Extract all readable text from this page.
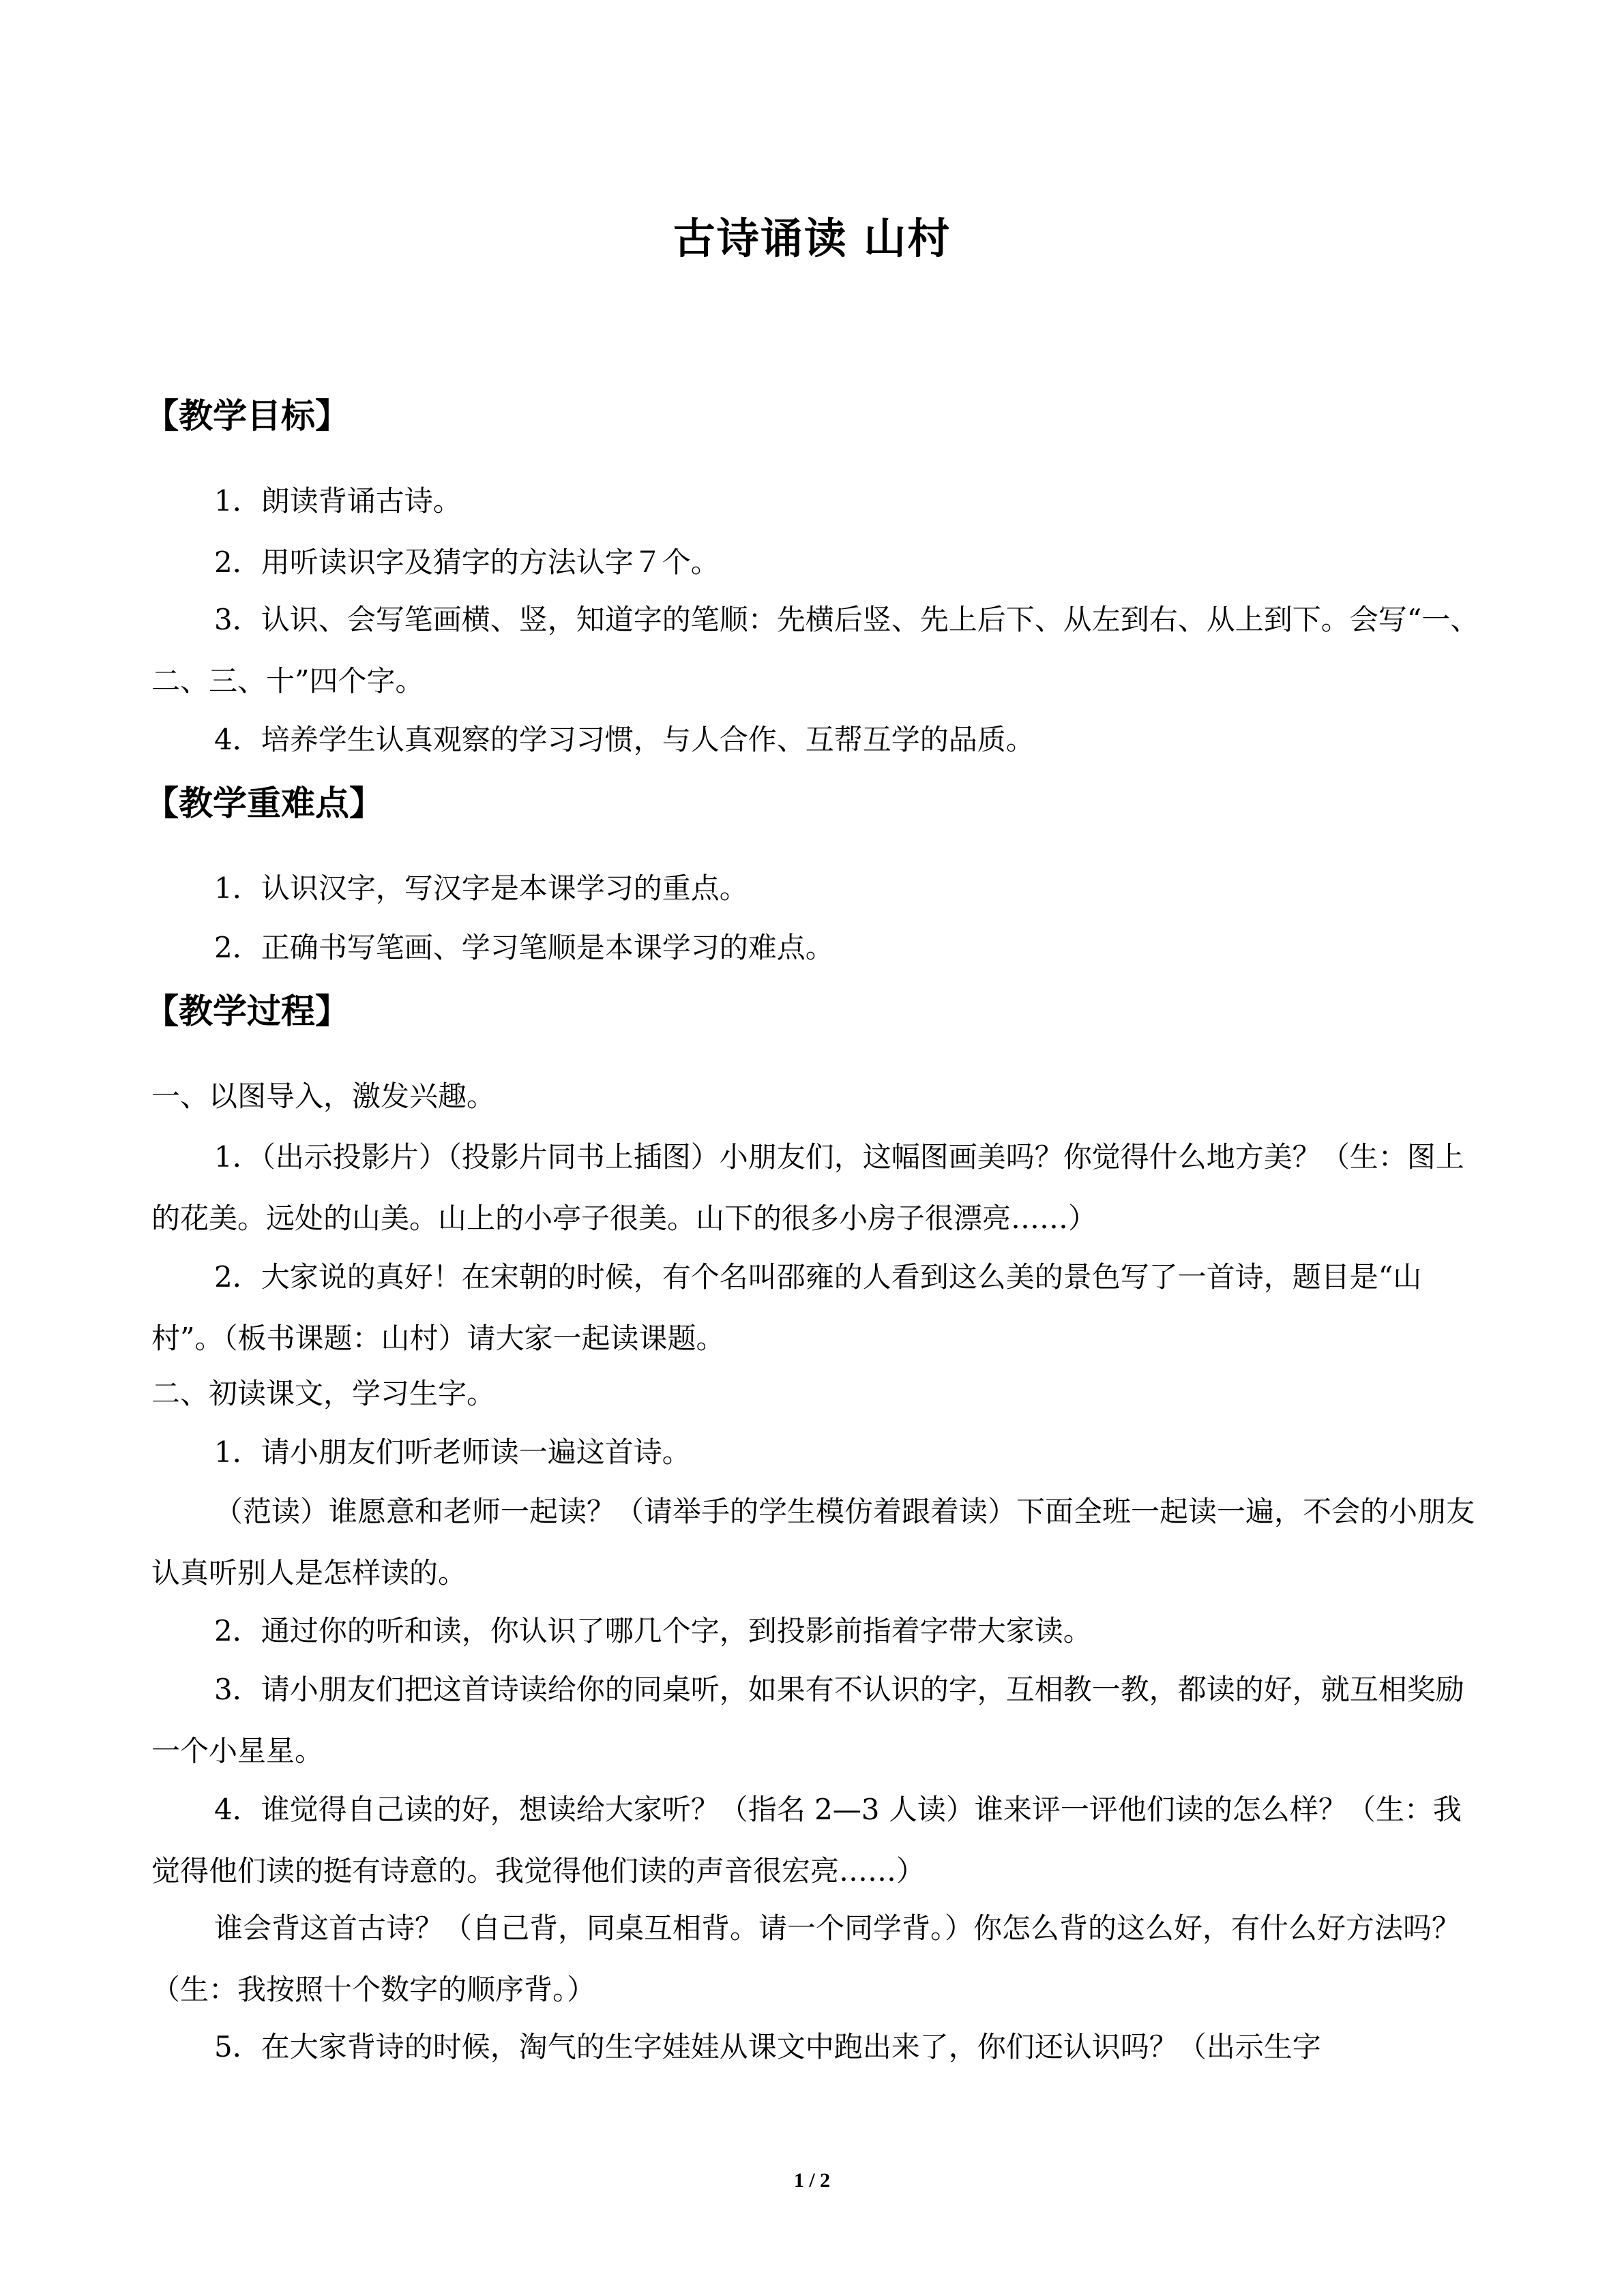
古诗诵读 山村
【教学目标】

1．朗读背诵古诗。

2．用听读识字及猜字的方法认字７个。

3．认识、会写笔画横、竖，知道字的笔顺：先横后竖、先上后下、从左到右、从上到下。会写“一、二、三、十”四个字。

4．培养学生认真观察的学习习惯，与人合作、互帮互学的品质。

【教学重难点】

1．认识汉字，写汉字是本课学习的重点。

2．正确书写笔画、学习笔顺是本课学习的难点。

【教学过程】

一、以图导入，激发兴趣。

1．（出示投影片）（投影片同书上插图）小朋友们，这幅图画美吗？你觉得什么地方美？（生：图上的花美。远处的山美。山上的小亭子很美。山下的很多小房子很漂亮……）

2．大家说的真好！在宋朝的时候，有个名叫邵雍的人看到这么美的景色写了一首诗，题目是“山村”。（板书课题：山村）请大家一起读课题。

二、初读课文，学习生字。

1．请小朋友们听老师读一遍这首诗。

（范读）谁愿意和老师一起读？（请举手的学生模仿着跟着读）下面全班一起读一遍，不会的小朋友认真听别人是怎样读的。

2．通过你的听和读，你认识了哪几个字，到投影前指着字带大家读。

3．请小朋友们把这首诗读给你的同桌听，如果有不认识的字，互相教一教，都读的好，就互相奖励一个小星星。

4．谁觉得自己读的好，想读给大家听？（指名 2—3 人读）谁来评一评他们读的怎么样？（生：我觉得他们读的挺有诗意的。我觉得他们读的声音很宏亮……）

谁会背这首古诗？（自己背，同桌互相背。请一个同学背。）你怎么背的这么好，有什么好方法吗？（生：我按照十个数字的顺序背。）

5．在大家背诗的时候，淘气的生字娃娃从课文中跑出来了，你们还认识吗？（出示生字

1 / 2
